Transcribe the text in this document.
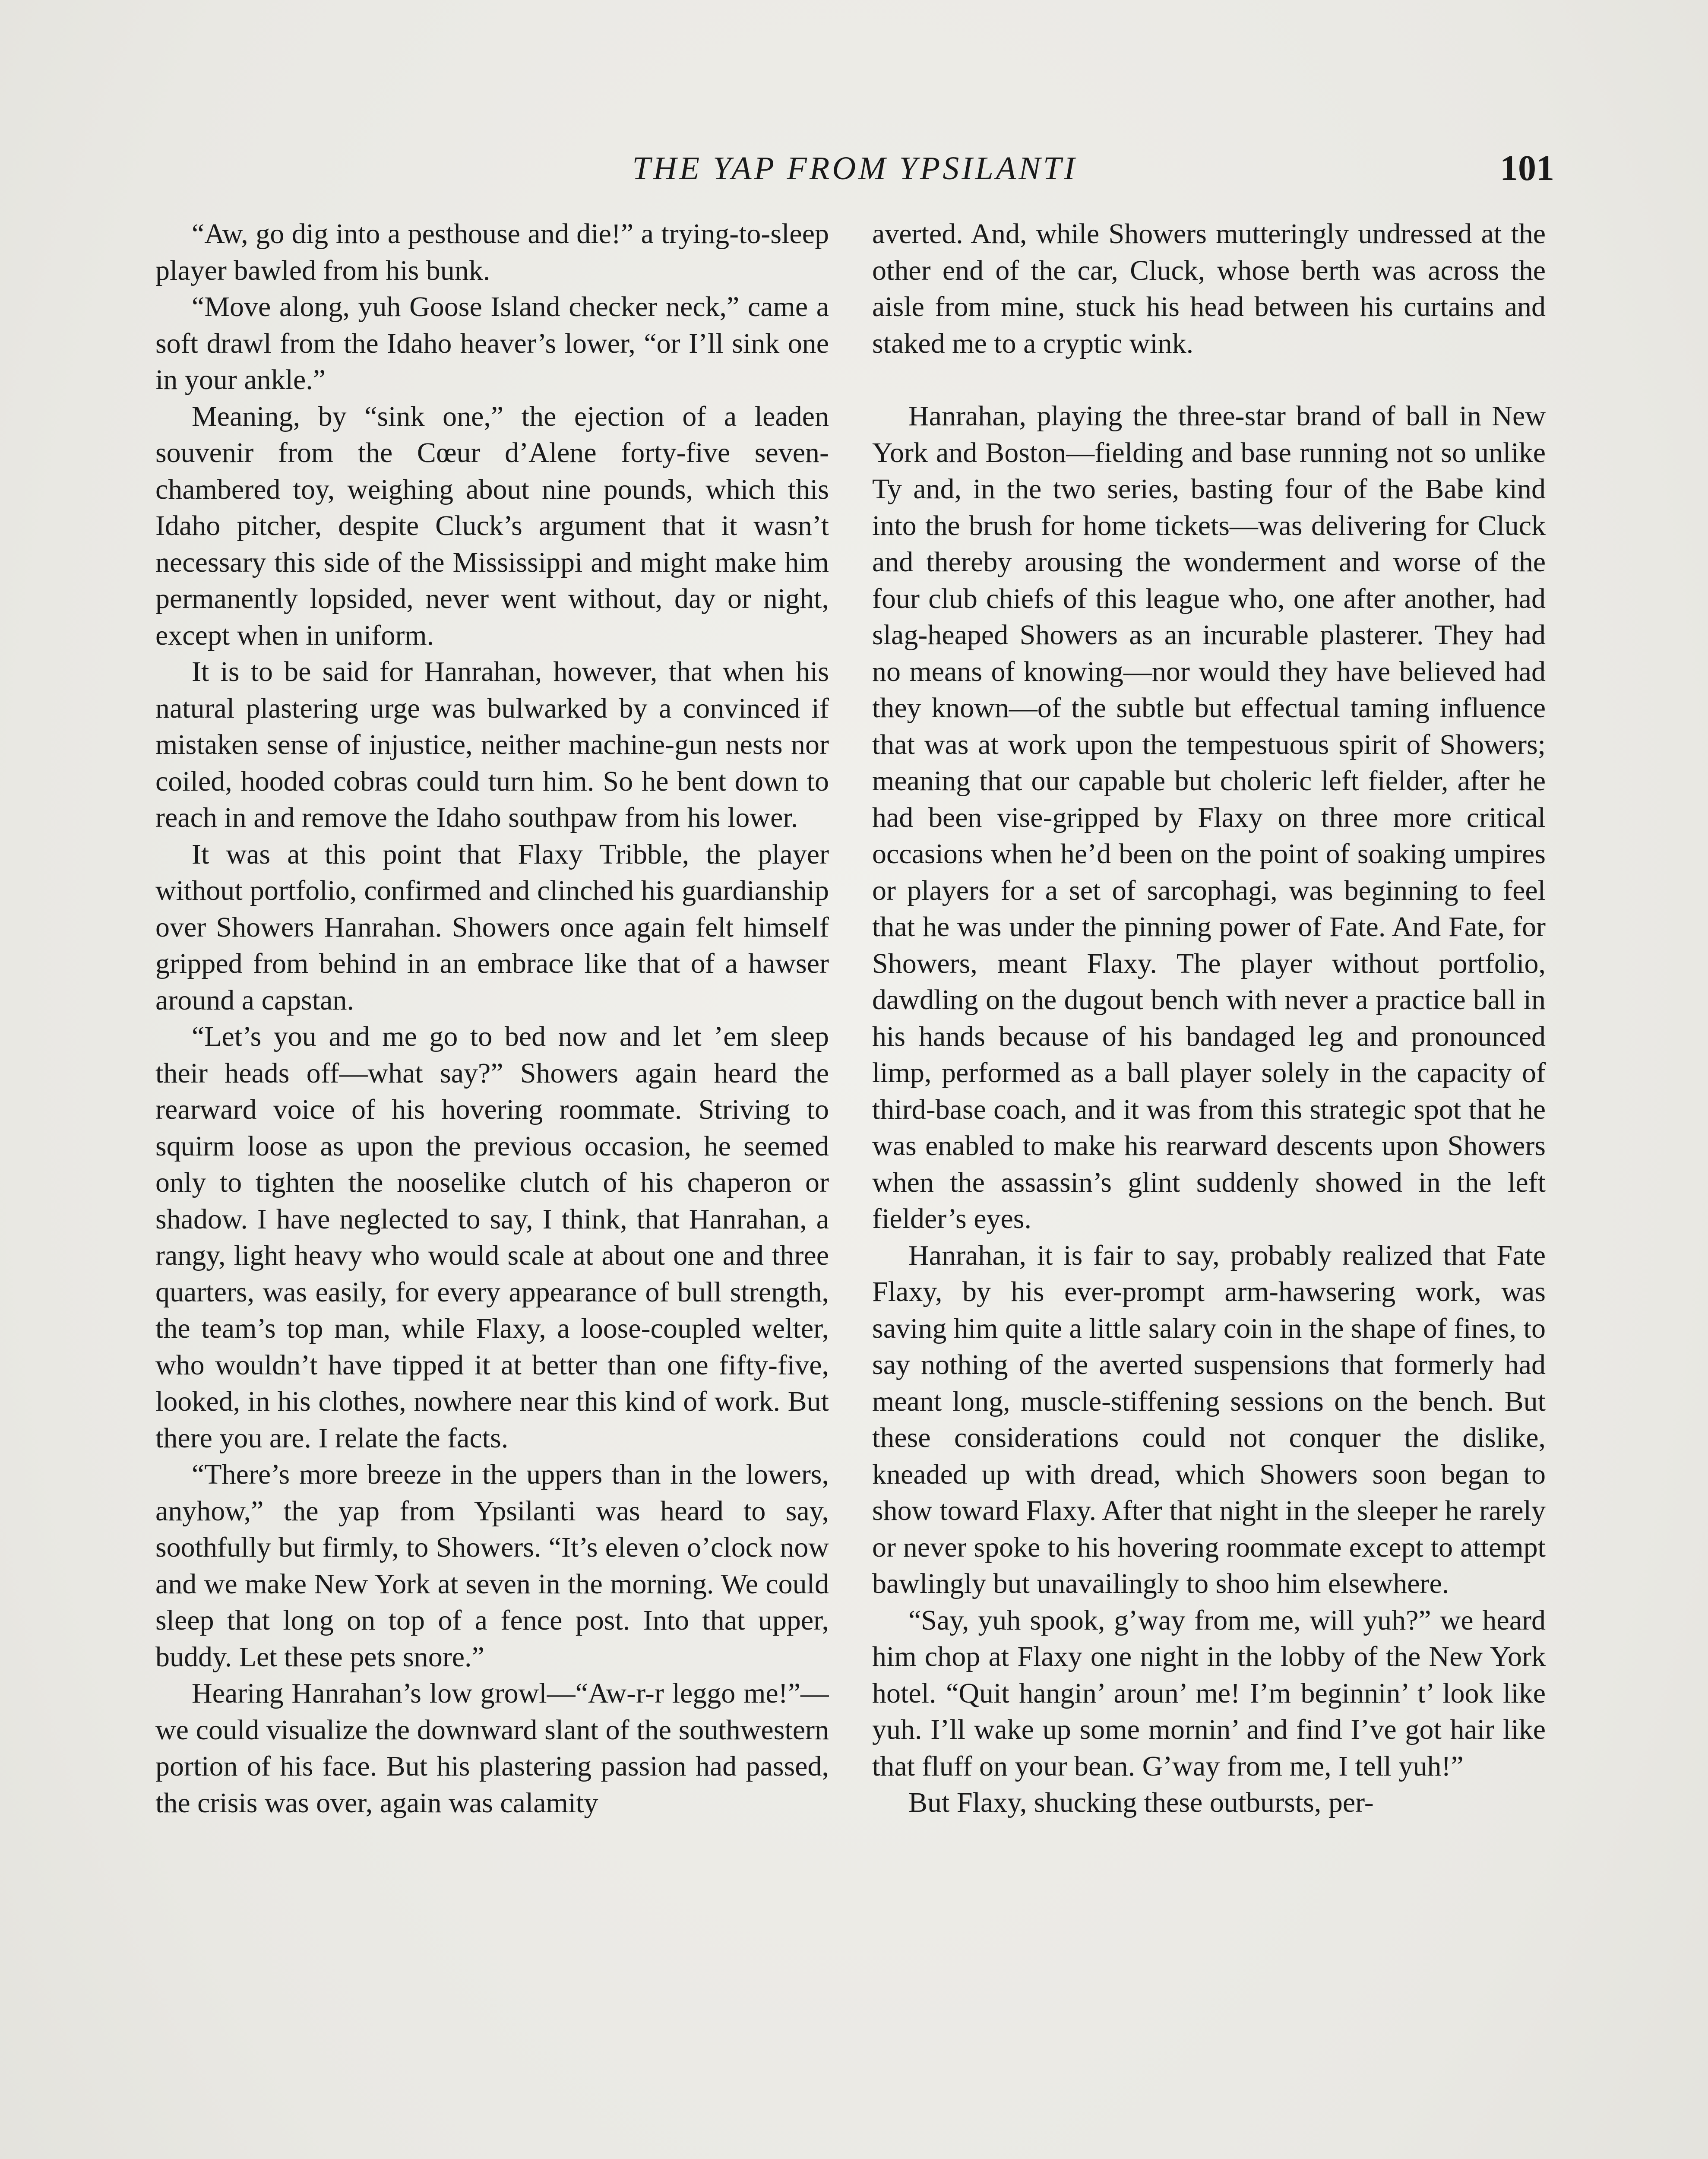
THE YAP FROM YPSILANTI	101

“Aw, go dig into a pesthouse and die!” a trying-to-sleep player bawled from his bunk.

“Move along, yuh Goose Island checker neck,” came a soft drawl from the Idaho heaver’s lower, “or I’ll sink one in your ankle.”

Meaning, by “sink one,” the ejection of a leaden souvenir from the Cœur d’Alene forty-five seven-chambered toy, weighing about nine pounds, which this Idaho pitcher, despite Cluck’s argument that it wasn’t necessary this side of the Mississippi and might make him permanently lopsided, never went without, day or night, except when in uniform.

It is to be said for Hanrahan, however, that when his natural plastering urge was bulwarked by a convinced if mistaken sense of injustice, neither machine-gun nests nor coiled, hooded cobras could turn him. So he bent down to reach in and remove the Idaho southpaw from his lower.

It was at this point that Flaxy Tribble, the player without portfolio, confirmed and clinched his guardianship over Showers Hanrahan. Showers once again felt himself gripped from behind in an embrace like that of a hawser around a capstan.

“Let’s you and me go to bed now and let ’em sleep their heads off—what say?” Showers again heard the rearward voice of his hovering roommate. Striving to squirm loose as upon the previous occasion, he seemed only to tighten the nooselike clutch of his chaperon or shadow. I have neglected to say, I think, that Hanrahan, a rangy, light heavy who would scale at about one and three quarters, was easily, for every appearance of bull strength, the team’s top man, while Flaxy, a loose-coupled welter, who wouldn’t have tipped it at better than one fifty-five, looked, in his clothes, nowhere near this kind of work. But there you are. I relate the facts.

“There’s more breeze in the uppers than in the lowers, anyhow,” the yap from Ypsilanti was heard to say, soothfully but firmly, to Showers. “It’s eleven o’clock now and we make New York at seven in the morning. We could sleep that long on top of a fence post. Into that upper, buddy. Let these pets snore.”

Hearing Hanrahan’s low growl—“Aw-r-r leggo me!”—we could visualize the downward slant of the southwestern portion of his face. But his plastering passion had passed, the crisis was over, again was calamity

averted. And, while Showers mutteringly undressed at the other end of the car, Cluck, whose berth was across the aisle from mine, stuck his head between his curtains and staked me to a cryptic wink.

Hanrahan, playing the three-star brand of ball in New York and Boston—fielding and base running not so unlike Ty and, in the two series, basting four of the Babe kind into the brush for home tickets—was delivering for Cluck and thereby arousing the wonderment and worse of the four club chiefs of this league who, one after another, had slag-heaped Showers as an incurable plasterer. They had no means of knowing—nor would they have believed had they known—of the subtle but effectual taming influence that was at work upon the tempestuous spirit of Showers; meaning that our capable but choleric left fielder, after he had been vise-gripped by Flaxy on three more critical occasions when he’d been on the point of soaking umpires or players for a set of sarcophagi, was beginning to feel that he was under the pinning power of Fate. And Fate, for Showers, meant Flaxy. The player without portfolio, dawdling on the dugout bench with never a practice ball in his hands because of his bandaged leg and pronounced limp, performed as a ball player solely in the capacity of third-base coach, and it was from this strategic spot that he was enabled to make his rearward descents upon Showers when the assassin’s glint suddenly showed in the left fielder’s eyes.

Hanrahan, it is fair to say, probably realized that Fate Flaxy, by his ever-prompt arm-hawsering work, was saving him quite a little salary coin in the shape of fines, to say nothing of the averted suspensions that formerly had meant long, muscle-stiffening sessions on the bench. But these considerations could not conquer the dislike, kneaded up with dread, which Showers soon began to show toward Flaxy. After that night in the sleeper he rarely or never spoke to his hovering roommate except to attempt bawlingly but unavailingly to shoo him elsewhere.

“Say, yuh spook, g’way from me, will yuh?” we heard him chop at Flaxy one night in the lobby of the New York hotel. “Quit hangin’ aroun’ me! I’m beginnin’ t’ look like yuh. I’ll wake up some mornin’ and find I’ve got hair like that fluff on your bean. G’way from me, I tell yuh!”

But Flaxy, shucking these outbursts, per-
